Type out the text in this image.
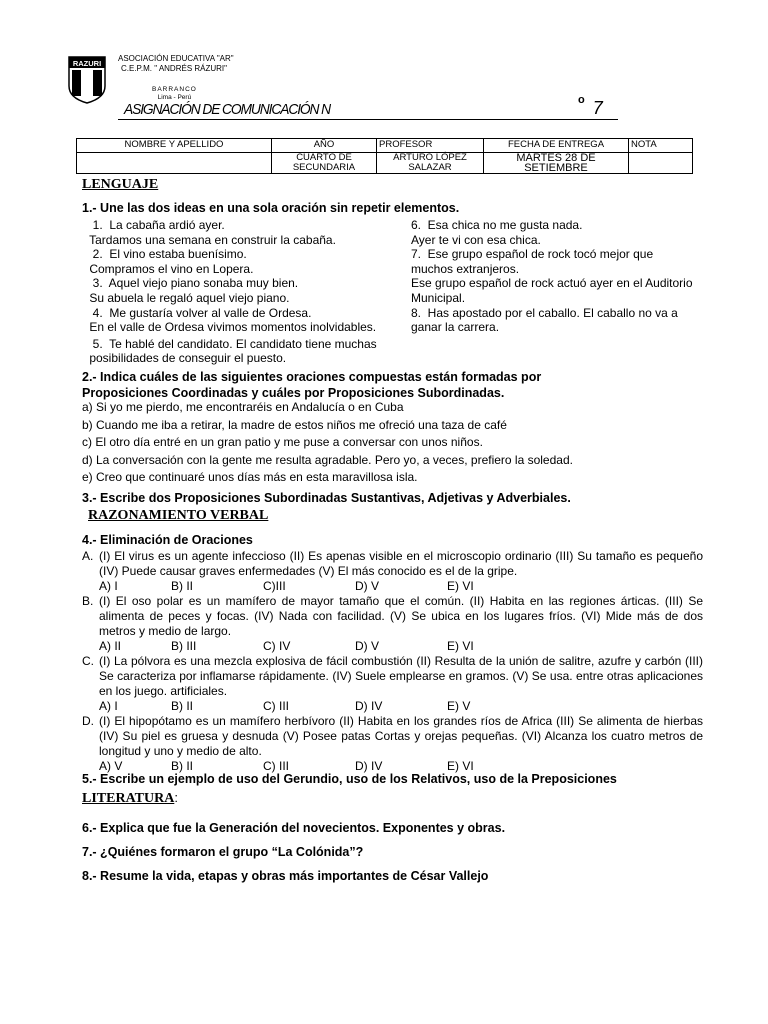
RAZURI
ASOCIACIÓN EDUCATIVA "AR"
C.E.P.M. " ANDRÉS RÁZURI"
BARRANCO
Lima - Perú
ASIGNACIÓN DE COMUNICACIÓN N
$^o$ 7
NOMBRE Y APELLIDO	AÑO	PROFESOR	FECHA DE ENTREGA	NOTA
	CUARTO DE SECUNDARIA	ARTURO LÓPEZ SALAZAR	MARTES 28 DE SETIEMBRE	
LENGUAJE
1.- Une las dos ideas en una sola oración sin repetir elementos.
1.  La cabaña ardió ayer.
Tardamos una semana en construir la cabaña.
2.  El vino estaba buenísimo.
Compramos el vino en Lopera.
3.  Aquel viejo piano sonaba muy bien.
Su abuela le regaló aquel viejo piano.
4.  Me gustaría volver al valle de Ordesa.
En el valle de Ordesa vivimos momentos inolvidables.
5.  Te hablé del candidato. El candidato tiene muchas
posibilidades de conseguir el puesto.
6.  Esa chica no me gusta nada.
Ayer te vi con esa chica.
7.  Ese grupo español de rock tocó mejor que
muchos extranjeros.
Ese grupo español de rock actuó ayer en el Auditorio
Municipal.
8.  Has apostado por el caballo. El caballo no va a
ganar la carrera.
2.- Indica cuáles de las siguientes oraciones compuestas están formadas por
Proposiciones Coordinadas y cuáles por Proposiciones Subordinadas.
a) Si yo me pierdo, me encontraréis en Andalucía o en Cuba
b) Cuando me iba a retirar, la madre de estos niños me ofreció una taza de café
c) El otro día entré en un gran patio y me puse a conversar con unos niños.
d) La conversación con la gente me resulta agradable. Pero yo, a veces, prefiero la soledad.
e) Creo que continuaré unos días más en esta maravillosa isla.
3.- Escribe dos Proposiciones Subordinadas Sustantivas, Adjetivas y Adverbiales.
RAZONAMIENTO VERBAL
4.- Eliminación de Oraciones
A. (I) El virus es un agente infeccioso (II) Es apenas visible en el microscopio ordinario (III) Su tamaño es pequeño (IV) Puede causar graves enfermedades (V) El más conocido es el de la gripe.
A) I	B) II	C)III	D) V	E) VI
B. (I) El oso polar es un mamífero de mayor tamaño que el común. (II) Habita en las regiones árticas. (III) Se alimenta de peces y focas. (IV) Nada con facilidad. (V) Se ubica en los lugares fríos. (VI) Mide más de dos metros y medio de largo.
A) II	B) III	C) IV	D) V	E) VI
C. (I) La pólvora es una mezcla explosiva de fácil combustión (II) Resulta de la unión de salitre, azufre y carbón (III) Se caracteriza por inflamarse rápidamente. (IV) Suele emplearse en gramos. (V) Se usa. entre otras aplicaciones en los juego. artificiales.
A) I	B) II	C) III	D) IV	E) V
D. (I) El hipopótamo es un mamífero herbívoro (II) Habita en los grandes ríos de Africa (III) Se alimenta de hierbas (IV) Su piel es gruesa y desnuda (V) Posee patas Cortas y orejas pequeñas. (VI) Alcanza los cuatro metros de longitud y uno y medio de alto.
A) V	B) II	C) III	D) IV	E) VI
5.- Escribe un ejemplo de uso del Gerundio, uso de los Relativos, uso de la Preposiciones
LITERATURA:
6.- Explica que fue la Generación del novecientos. Exponentes y obras.
7.- ¿Quiénes formaron el grupo “La Colónida”?
8.- Resume la vida, etapas y obras más importantes de César Vallejo
